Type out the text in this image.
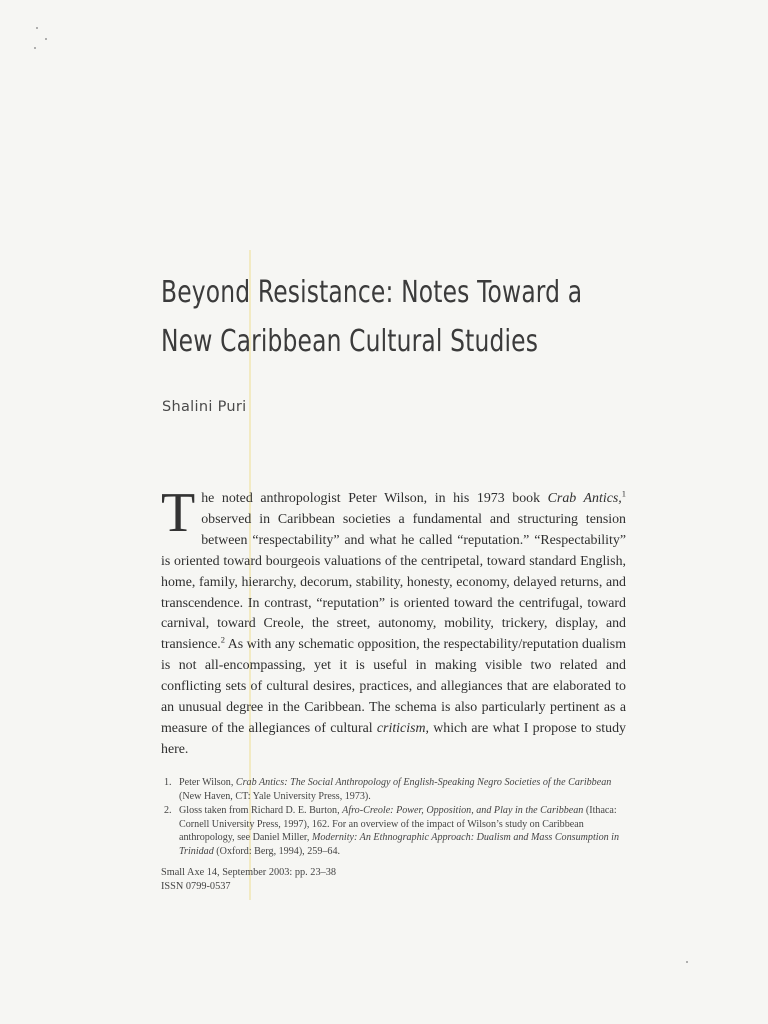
Beyond Resistance: Notes Toward a
New Caribbean Cultural Studies
Shalini Puri

The noted anthropologist Peter Wilson, in his 1973 book Crab Antics,$^1$ observed in Caribbean societies a fundamental and structuring tension between “respectability” and what he called “reputation.” “Respectability” is oriented toward bourgeois valuations of the centripetal, toward standard English, home, family, hierarchy, decorum, stability, honesty, economy, delayed returns, and transcendence. In contrast, “reputation” is oriented toward the centrifugal, toward carnival, toward Creole, the street, autonomy, mobility, trickery, display, and transience.$^2$ As with any schematic opposition, the respectability/reputation dualism is not all-encompassing, yet it is useful in making visible two related and conflicting sets of cultural desires, practices, and allegiances that are elaborated to an unusual degree in the Caribbean. The schema is also particularly pertinent as a measure of the allegiances of cultural criticism, which are what I propose to study here.

1. Peter Wilson, Crab Antics: The Social Anthropology of English-Speaking Negro Societies of the Caribbean (New Haven, CT: Yale University Press, 1973).
2. Gloss taken from Richard D. E. Burton, Afro-Creole: Power, Opposition, and Play in the Caribbean (Ithaca: Cornell University Press, 1997), 162. For an overview of the impact of Wilson’s study on Caribbean anthropology, see Daniel Miller, Modernity: An Ethnographic Approach: Dualism and Mass Consumption in Trinidad (Oxford: Berg, 1994), 259–64.
Small Axe 14, September 2003: pp. 23–38
ISSN 0799-0537
